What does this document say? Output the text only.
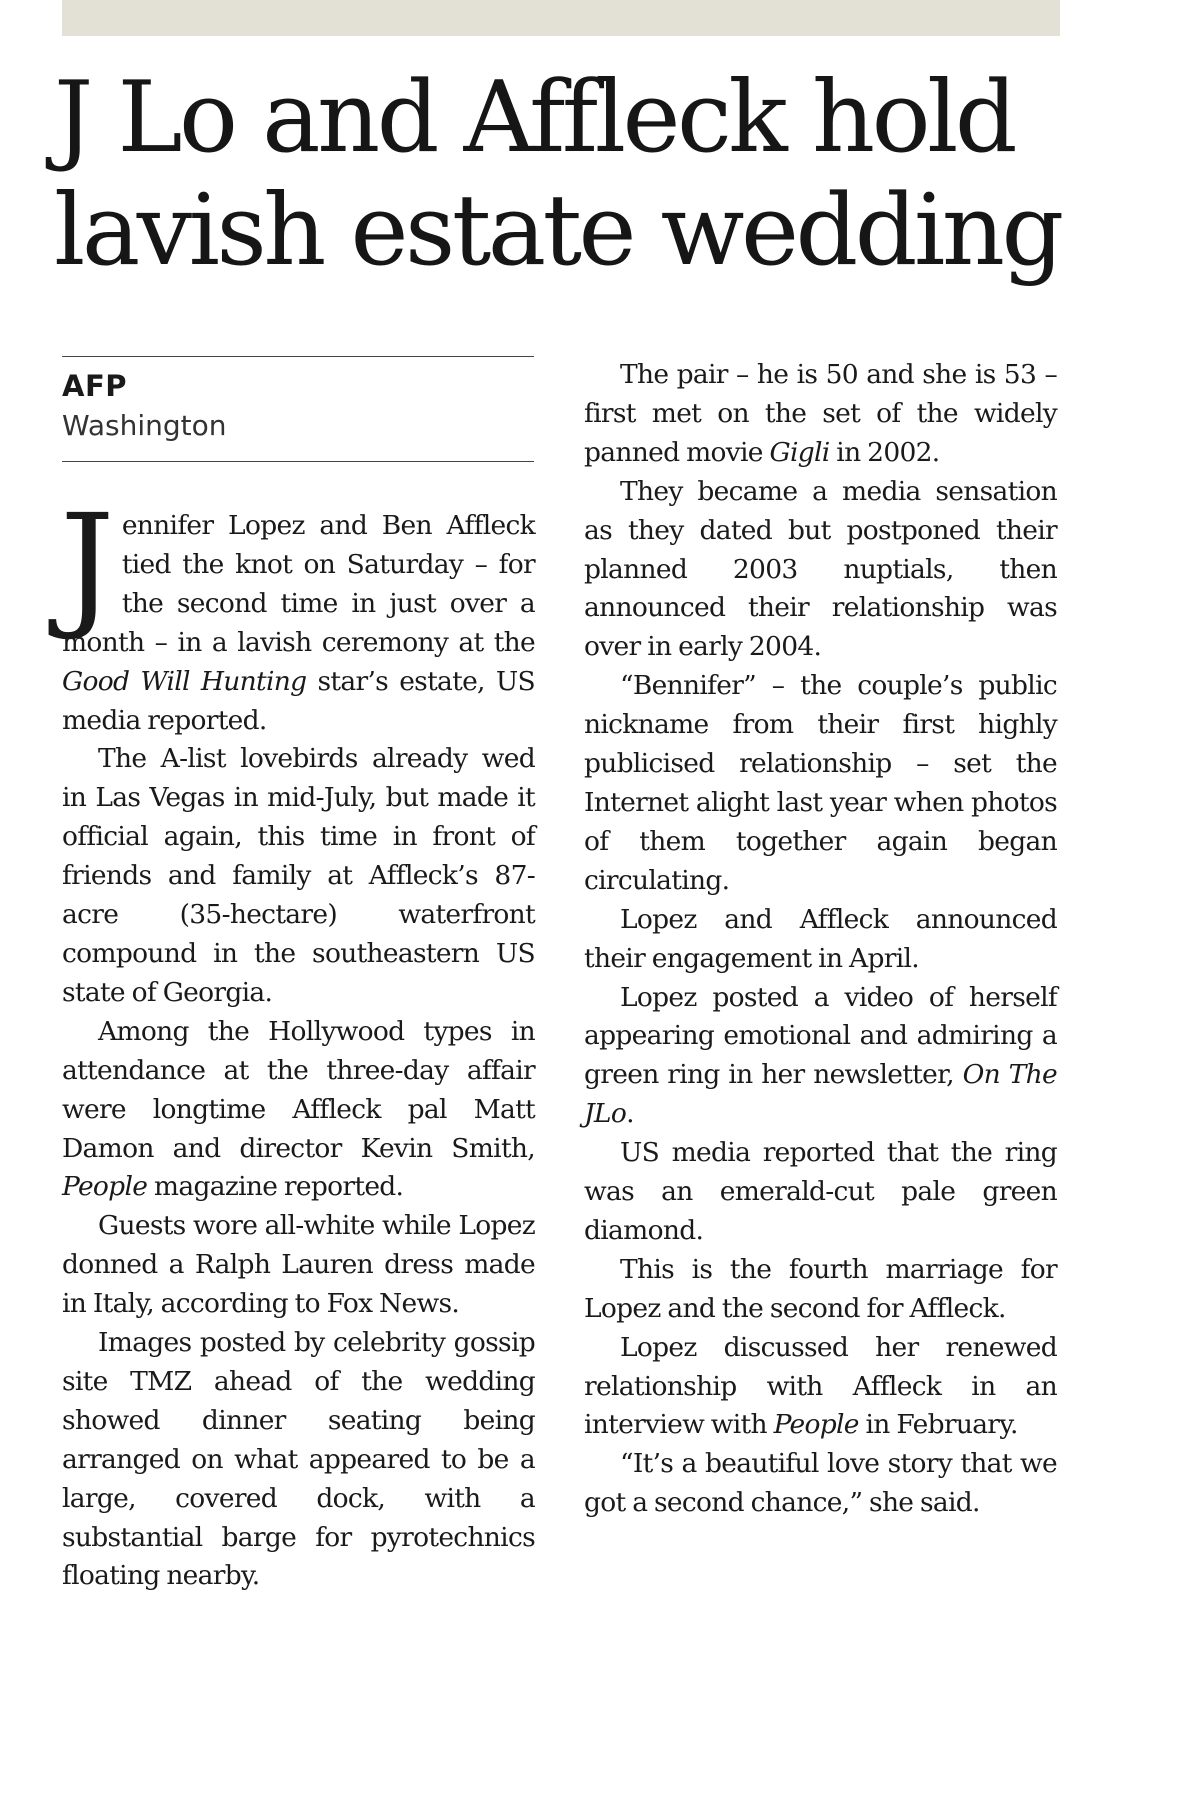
J Lo and Affleck hold
lavish estate wedding
AFP
Washington

Jennifer Lopez and Ben Affleck tied the knot on Saturday – for the second time in just over a month – in a lavish ceremony at the Good Will Hunting star’s estate, US media reported.

The A-list lovebirds already wed in Las Vegas in mid-July, but made it official again, this time in front of friends and family at Affleck’s 87-acre (35-hectare) waterfront compound in the southeastern US state of Georgia.

Among the Hollywood types in attendance at the three-day affair were longtime Affleck pal Matt Damon and director Kevin Smith, People magazine reported.

Guests wore all-white while Lopez donned a Ralph Lauren dress made in Italy, according to Fox News.

Images posted by celebrity gossip site TMZ ahead of the wedding showed dinner seating being arranged on what appeared to be a large, covered dock, with a substantial barge for pyrotechnics floating nearby.

The pair – he is 50 and she is 53 – first met on the set of the widely panned movie Gigli in 2002.

They became a media sensation as they dated but postponed their planned 2003 nuptials, then announced their relationship was over in early 2004.

“Bennifer” – the couple’s public nickname from their first highly publicised relationship – set the Internet alight last year when photos of them together again began circulating.

Lopez and Affleck announced their engagement in April.

Lopez posted a video of herself appearing emotional and admiring a green ring in her newsletter, On The JLo.

US media reported that the ring was an emerald-cut pale green diamond.

This is the fourth marriage for Lopez and the second for Affleck.

Lopez discussed her renewed relationship with Affleck in an interview with People in February.

“It’s a beautiful love story that we got a second chance,” she said.
